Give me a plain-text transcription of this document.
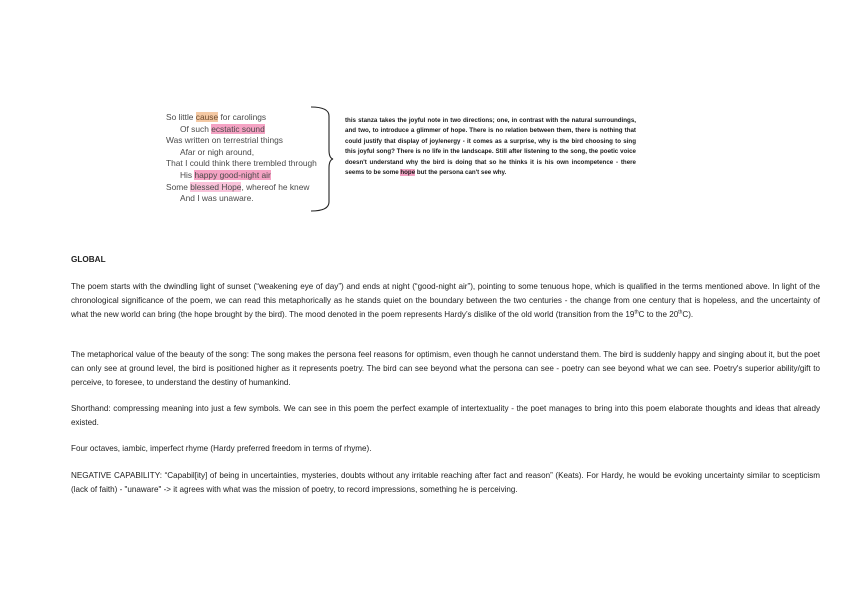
So little cause for carolings
Of such ecstatic sound
Was written on terrestrial things
Afar or nigh around,
That I could think there trembled through
His happy good-night air
Some blessed Hope, whereof he knew
And I was unaware.
this stanza takes the joyful note in two directions; one, in contrast with the natural surroundings, and two, to introduce a glimmer of hope. There is no relation between them, there is nothing that could justify that display of joy/energy - it comes as a surprise, why is the bird choosing to sing this joyful song? There is no life in the landscape. Still after listening to the song, the poetic voice doesn't understand why the bird is doing that so he thinks it is his own incompetence - there seems to be some hope but the persona can't see why.
GLOBAL
The poem starts with the dwindling light of sunset (“weakening eye of day”) and ends at night (“good-night air”), pointing to some tenuous hope, which is qualified in the terms mentioned above. In light of the chronological significance of the poem, we can read this metaphorically as he stands quiet on the boundary between the two centuries - the change from one century that is hopeless, and the uncertainty of what the new world can bring (the hope brought by the bird). The mood denoted in the poem represents Hardy’s dislike of the old world (transition from the 19thC to the 20thC).
The metaphorical value of the beauty of the song: The song makes the persona feel reasons for optimism, even though he cannot understand them. The bird is suddenly happy and singing about it, but the poet can only see at ground level, the bird is positioned higher as it represents poetry. The bird can see beyond what the persona can see - poetry can see beyond what we can see. Poetry's superior ability/gift to perceive, to foresee, to understand the destiny of humankind.
Shorthand: compressing meaning into just a few symbols. We can see in this poem the perfect example of intertextuality - the poet manages to bring into this poem elaborate thoughts and ideas that already existed.
Four octaves, iambic, imperfect rhyme (Hardy preferred freedom in terms of rhyme).
NEGATIVE CAPABILITY: “Capabil[ity] of being in uncertainties, mysteries, doubts without any irritable reaching after fact and reason” (Keats). For Hardy, he would be evoking uncertainty similar to scepticism (lack of faith) - "unaware" -> it agrees with what was the mission of poetry, to record impressions, something he is perceiving.
